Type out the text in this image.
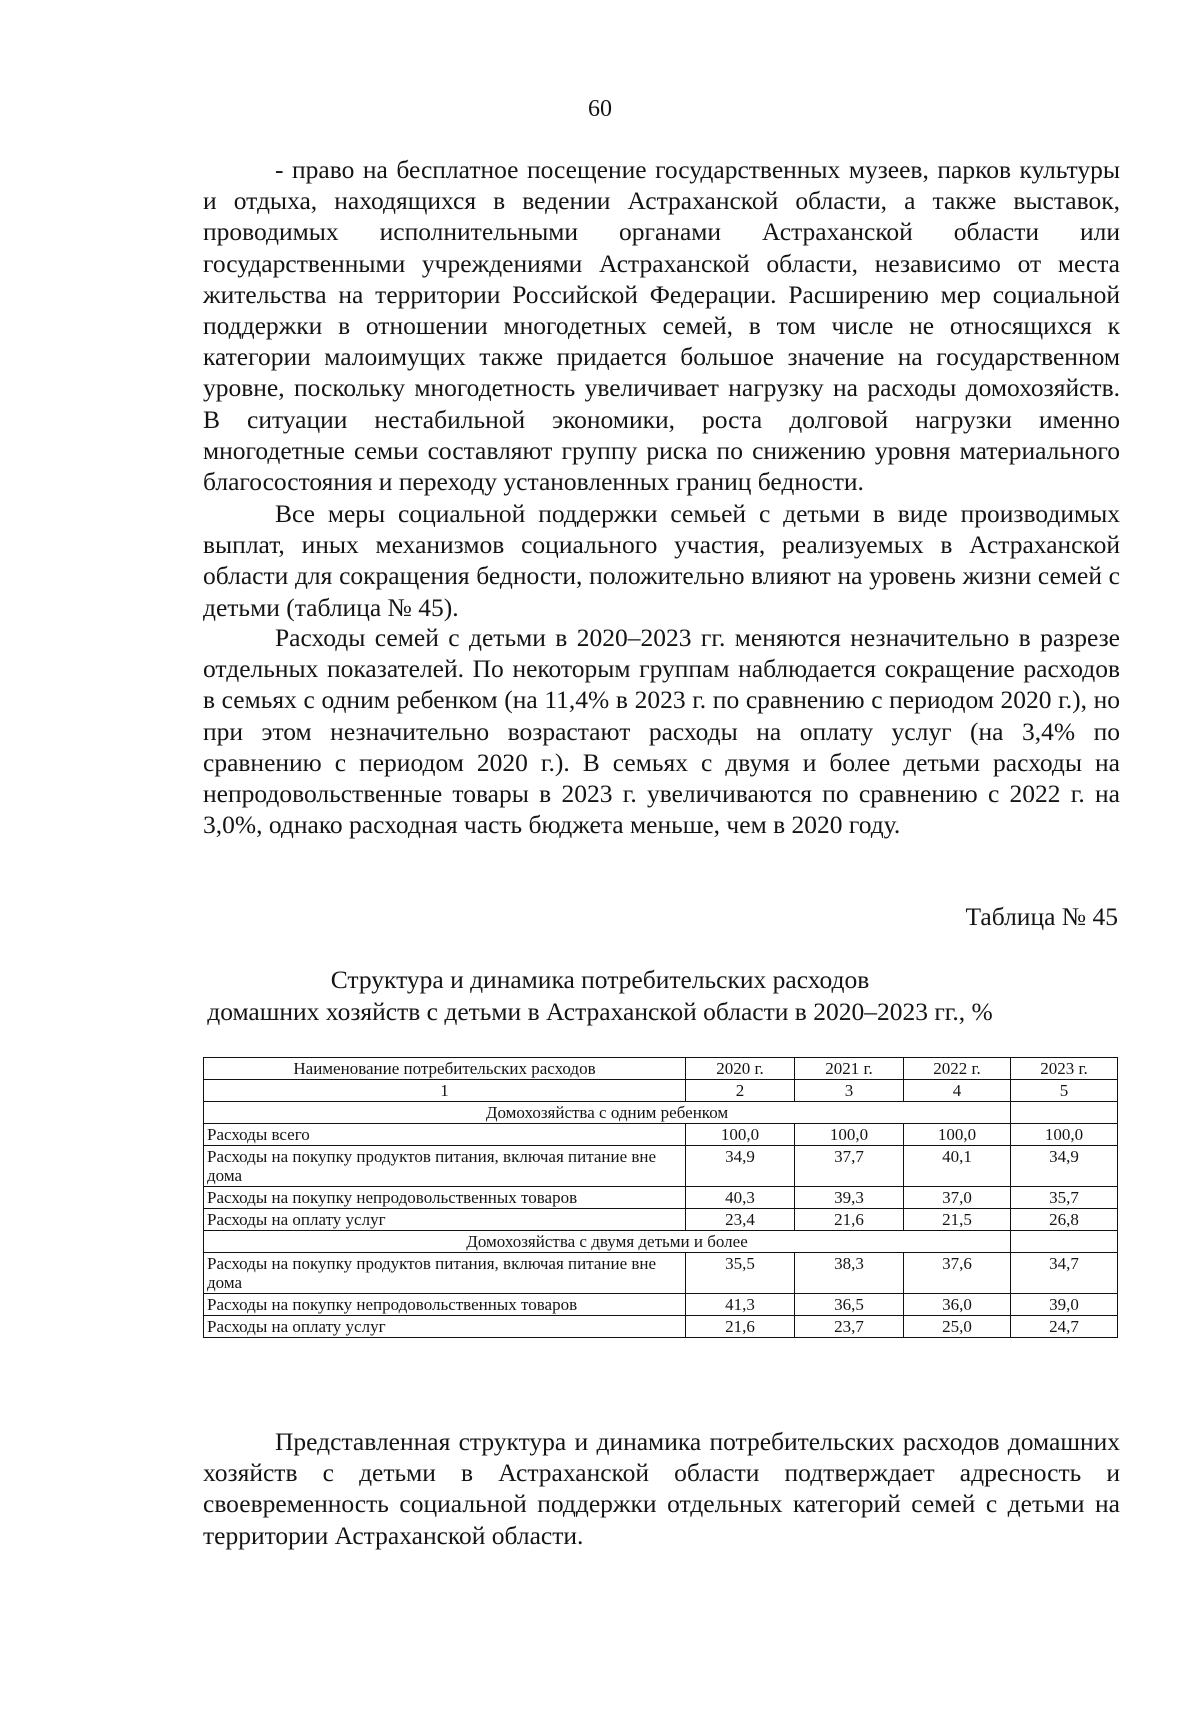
60

- право на бесплатное посещение государственных музеев, парков культуры и отдыха, находящихся в ведении Астраханской области, а также выставок, проводимых исполнительными органами Астраханской области или государственными учреждениями Астраханской области, независимо от места жительства на территории Российской Федерации. Расширению мер социальной поддержки в отношении многодетных семей, в том числе не относящихся к категории малоимущих также придается большое значение на государственном уровне, поскольку многодетность увеличивает нагрузку на расходы домохозяйств. В ситуации нестабильной экономики, роста долговой нагрузки именно многодетные семьи составляют группу риска по снижению уровня материального благосостояния и переходу установленных границ бедности.

Все меры социальной поддержки семьей с детьми в виде производимых выплат, иных механизмов социального участия, реализуемых в Астраханской области для сокращения бедности, положительно влияют на уровень жизни семей с детьми (таблица № 45).

Расходы семей с детьми в 2020–2023 гг. меняются незначительно в разрезе отдельных показателей. По некоторым группам наблюдается сокращение расходов в семьях с одним ребенком (на 11,4% в 2023 г. по сравнению с периодом 2020 г.), но при этом незначительно возрастают расходы на оплату услуг (на 3,4% по сравнению с периодом 2020 г.). В семьях с двумя и более детьми расходы на непродовольственные товары в 2023 г. увеличиваются по сравнению с 2022 г. на 3,0%, однако расходная часть бюджета меньше, чем в 2020 году.

Таблица № 45
Структура и динамика потребительских расходов
домашних хозяйств с детьми в Астраханской области в 2020–2023 гг., %
Наименование потребительских расходов	2020 г.	2021 г.	2022 г.	2023 г.
1	2	3	4	5
Домохозяйства с одним ребенком				
Расходы всего	100,0	100,0	100,0	100,0
Расходы на покупку продуктов питания, включая питание вне дома	34,9	37,7	40,1	34,9
Расходы на покупку непродовольственных товаров	40,3	39,3	37,0	35,7
Расходы на оплату услуг	23,4	21,6	21,5	26,8
Домохозяйства с двумя детьми и более				
Расходы на покупку продуктов питания, включая питание вне дома	35,5	38,3	37,6	34,7
Расходы на покупку непродовольственных товаров	41,3	36,5	36,0	39,0
Расходы на оплату услуг	21,6	23,7	25,0	24,7

Представленная структура и динамика потребительских расходов домашних хозяйств с детьми в Астраханской области подтверждает адресность и своевременность социальной поддержки отдельных категорий семей с детьми на территории Астраханской области.
